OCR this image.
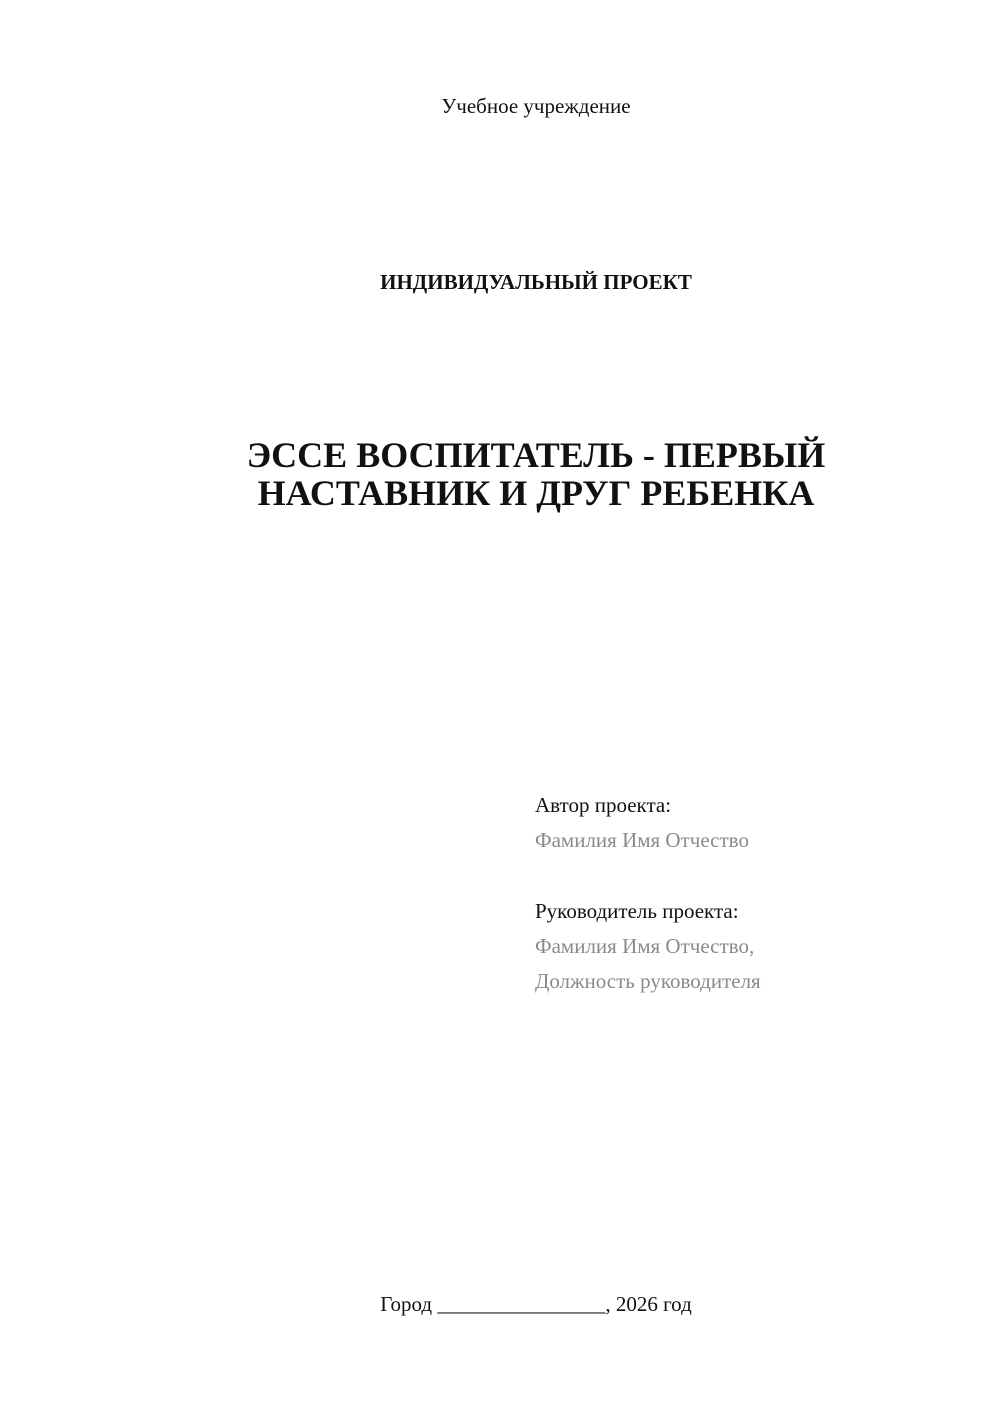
Учебное учреждение
ИНДИВИДУАЛЬНЫЙ ПРОЕКТ
ЭССЕ ВОСПИТАТЕЛЬ - ПЕРВЫЙ
НАСТАВНИК И ДРУГ РЕБЕНКА
Автор проекта:
Фамилия Имя Отчество
Руководитель проекта:
Фамилия Имя Отчество,
Должность руководителя
Город ________________, 2026 год
